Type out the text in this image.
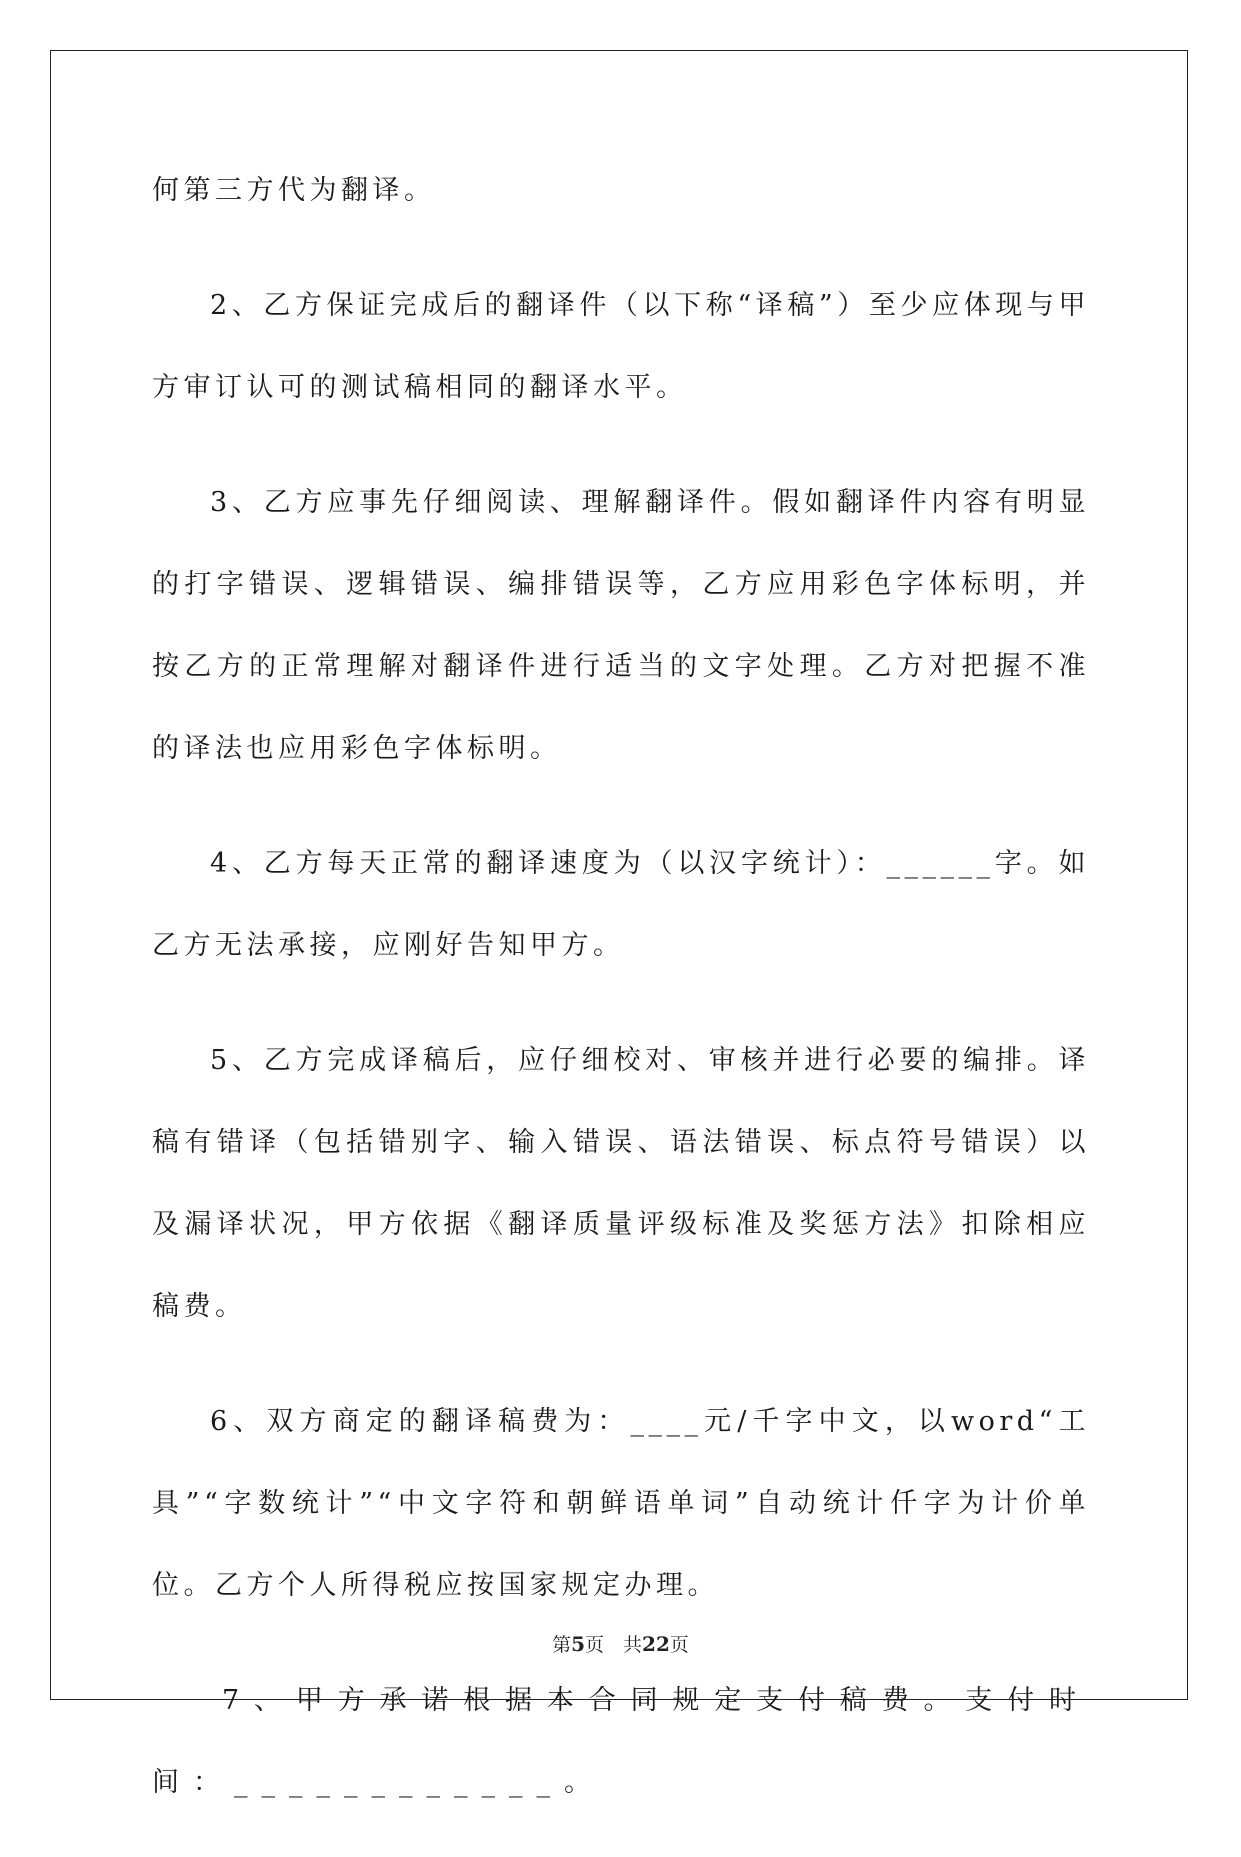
何第三方代为翻译。

2、乙方保证完成后的翻译件（以下称“译稿”）至少应体现与甲方审订认可的测试稿相同的翻译水平。

3、乙方应事先仔细阅读、理解翻译件。假如翻译件内容有明显的打字错误、逻辑错误、编排错误等，乙方应用彩色字体标明，并按乙方的正常理解对翻译件进行适当的文字处理。乙方对把握不准的译法也应用彩色字体标明。

4、乙方每天正常的翻译速度为（以汉字统计）：______字。如乙方无法承接，应刚好告知甲方。

5、乙方完成译稿后，应仔细校对、审核并进行必要的编排。译稿有错译（包括错别字、输入错误、语法错误、标点符号错误）以及漏译状况，甲方依据《翻译质量评级标准及奖惩方法》扣除相应稿费。

6、双方商定的翻译稿费为：____元/千字中文，以word“工具”“字数统计”“中文字符和朝鲜语单词”自动统计仟字为计价单位。乙方个人所得税应按国家规定办理。

7、甲方承诺根据本合同规定支付稿费。支付时间：____________。

第5页　共22页
